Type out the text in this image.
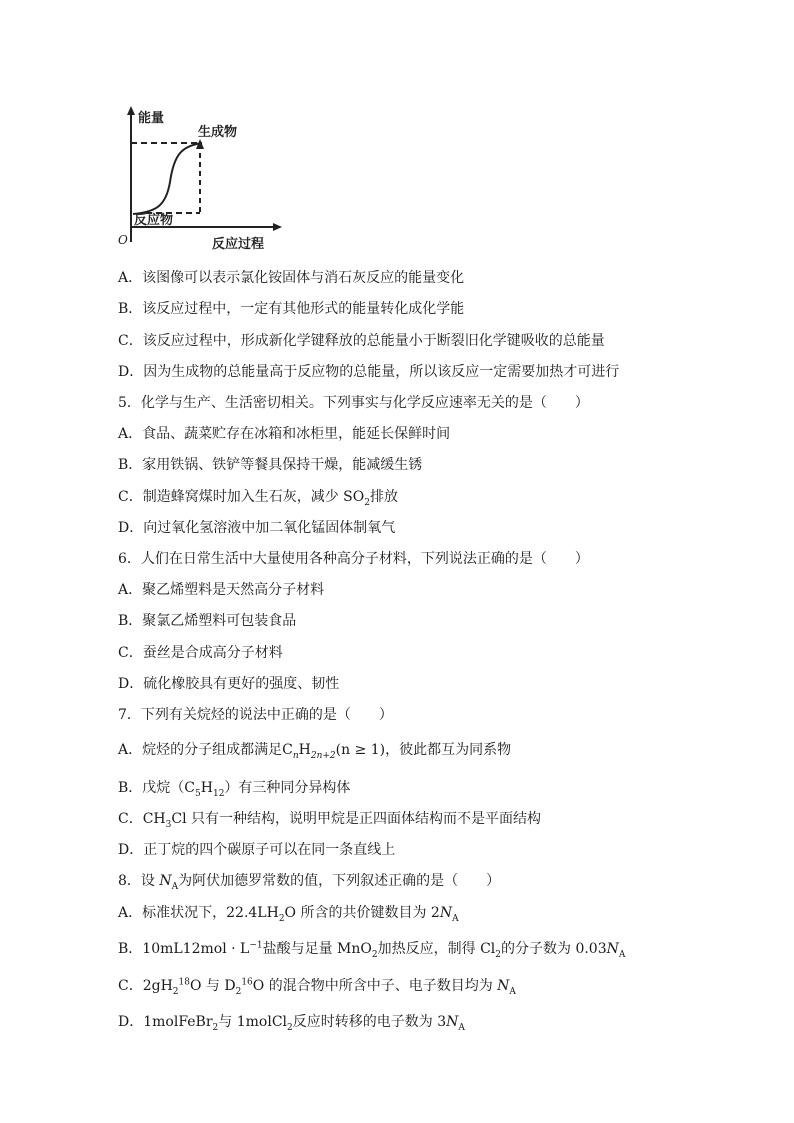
能量
生成物
反应物
O	反应过程
A．该图像可以表示氯化铵固体与消石灰反应的能量变化
B．该反应过程中，一定有其他形式的能量转化成化学能
C．该反应过程中，形成新化学键释放的总能量小于断裂旧化学键吸收的总能量
D．因为生成物的总能量高于反应物的总能量，所以该反应一定需要加热才可进行
5．化学与生产、生活密切相关。下列事实与化学反应速率无关的是（　　）
A．食品、蔬菜贮存在冰箱和冰柜里，能延长保鲜时间
B．家用铁锅、铁铲等餐具保持干燥，能减缓生锈
C．制造蜂窝煤时加入生石灰，减少 $SO_2$排放
D．向过氧化氢溶液中加二氧化锰固体制氧气
6．人们在日常生活中大量使用各种高分子材料，下列说法正确的是（　　）
A．聚乙烯塑料是天然高分子材料
B．聚氯乙烯塑料可包装食品
C．蚕丝是合成高分子材料
D．硫化橡胶具有更好的强度、韧性
7．下列有关烷烃的说法中正确的是（　　）
A．烷烃的分子组成都满足$C_nH_{2n+2}(n \ge 1)$，彼此都互为同系物
B．戊烷$(C_5H_{12})$有三种同分异构体
C．$CH_3Cl$ 只有一种结构，说明甲烷是正四面体结构而不是平面结构
D．正丁烷的四个碳原子可以在同一条直线上
8．设 $N_A$为阿伏加德罗常数的值，下列叙述正确的是（　　）
A．标准状况下，$22.4LH_2O$ 所含的共价键数目为 $2N_A$
B．$10mL12mol \cdot L^{-1}$盐酸与足量 MnO$_2$加热反应，制得 $Cl_2$的分子数为 $0.03N_A$
C．$2gH_2^{18}O$ 与 $D_2^{16}O$ 的混合物中所含中子、电子数目均为 $N_A$
D．1molFeBr$_2$与 1molCl$_2$反应时转移的电子数为 $3N_A$
